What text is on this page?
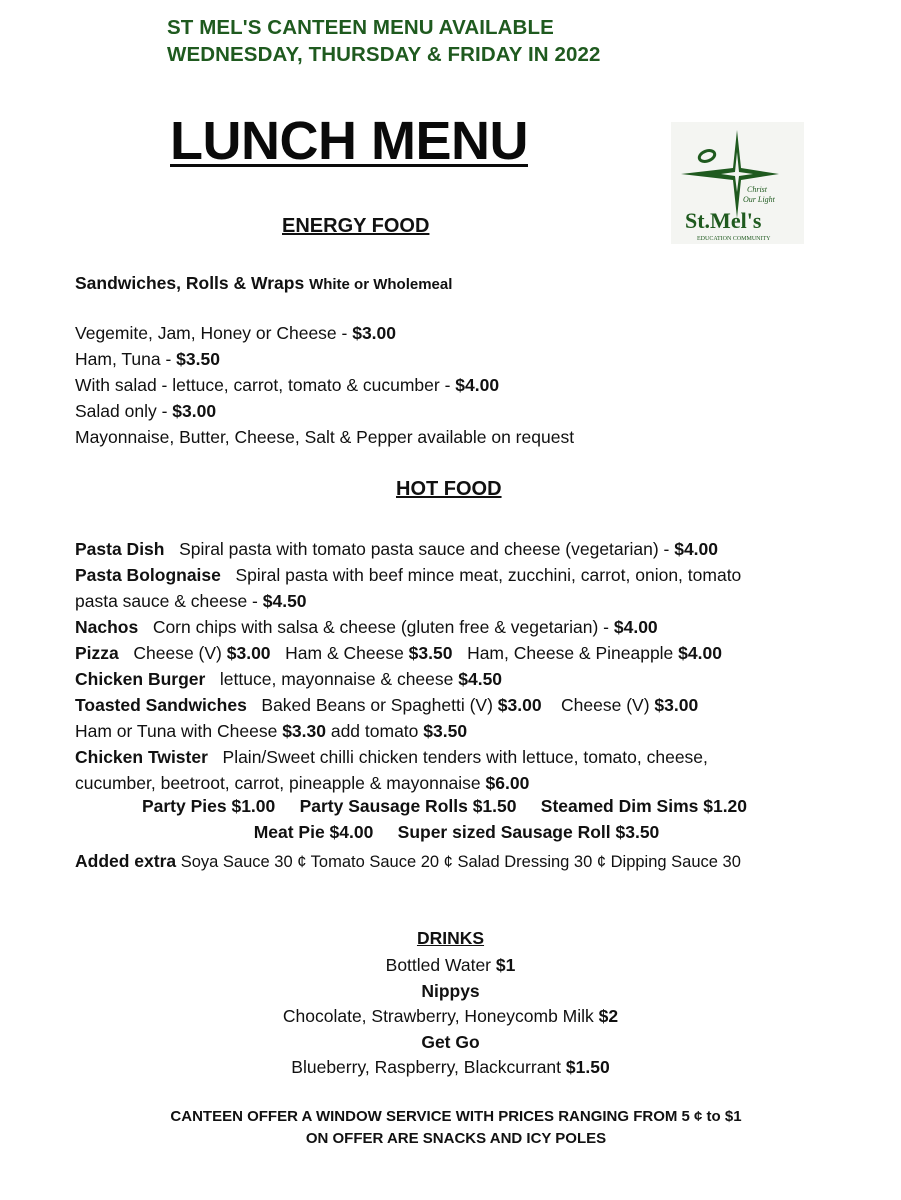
ST MEL'S CANTEEN MENU AVAILABLE
WEDNESDAY, THURSDAY & FRIDAY IN 2022
LUNCH MENU
Christ
Our Light
St.Mel's
EDUCATION COMMUNITY
ENERGY FOOD
Sandwiches, Rolls & Wraps White or Wholemeal
Vegemite, Jam, Honey or Cheese - $3.00
Ham, Tuna - $3.50
With salad - lettuce, carrot, tomato & cucumber - $4.00
Salad only - $3.00
Mayonnaise, Butter, Cheese, Salt & Pepper available on request
HOT FOOD
Pasta Dish Spiral pasta with tomato pasta sauce and cheese (vegetarian) - $4.00
Pasta Bolognaise Spiral pasta with beef mince meat, zucchini, carrot, onion, tomato
pasta sauce & cheese - $4.50
Nachos Corn chips with salsa & cheese (gluten free & vegetarian) - $4.00
Pizza Cheese (V) $3.00 Ham & Cheese $3.50 Ham, Cheese & Pineapple $4.00
Chicken Burger lettuce, mayonnaise & cheese $4.50
Toasted Sandwiches Baked Beans or Spaghetti (V) $3.00 Cheese (V) $3.00
Ham or Tuna with Cheese $3.30 add tomato $3.50
Chicken Twister Plain/Sweet chilli chicken tenders with lettuce, tomato, cheese,
cucumber, beetroot, carrot, pineapple & mayonnaise $6.00
Party Pies $1.00     Party Sausage Rolls $1.50     Steamed Dim Sims $1.20
Meat Pie $4.00     Super sized Sausage Roll $3.50
Added extra Soya Sauce 30 ¢ Tomato Sauce 20 ¢ Salad Dressing 30 ¢ Dipping Sauce 30
DRINKS
Bottled Water $1
Nippys
Chocolate, Strawberry, Honeycomb Milk $2
Get Go
Blueberry, Raspberry, Blackcurrant $1.50
CANTEEN OFFER A WINDOW SERVICE WITH PRICES RANGING FROM 5 ¢ to $1
ON OFFER ARE SNACKS AND ICY POLES
